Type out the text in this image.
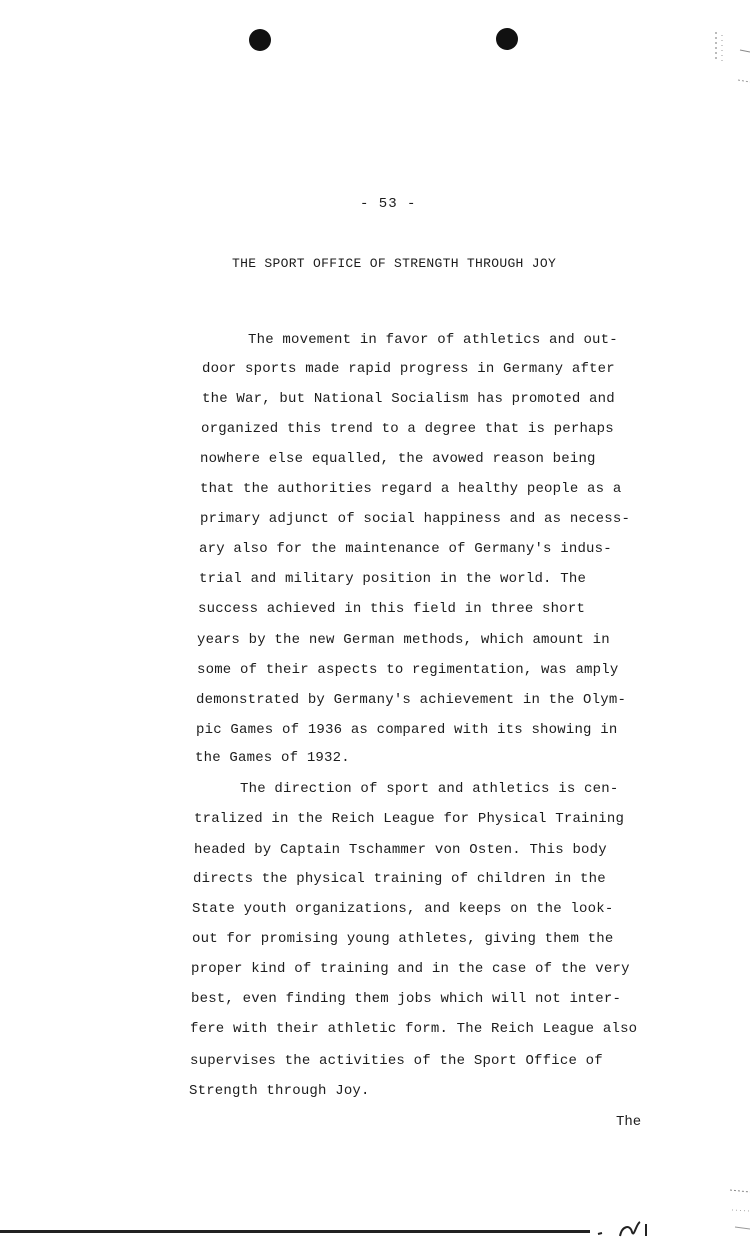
- 53 -
THE SPORT OFFICE OF STRENGTH THROUGH JOY
The movement in favor of athletics and out-
door sports made rapid progress in Germany after
the War, but National Socialism has promoted and
organized this trend to a degree that is perhaps
nowhere else equalled, the avowed reason being
that the authorities regard a healthy people as a
primary adjunct of social happiness and as necess-
ary also for the maintenance of Germany's indus-
trial and military position in the world. The
success achieved in this field in three short
years by the new German methods, which amount in
some of their aspects to regimentation, was amply
demonstrated by Germany's achievement in the Olym-
pic Games of 1936 as compared with its showing in
the Games of 1932.
The direction of sport and athletics is cen-
tralized in the Reich League for Physical Training
headed by Captain Tschammer von Osten. This body
directs the physical training of children in the
State youth organizations, and keeps on the look-
out for promising young athletes, giving them the
proper kind of training and in the case of the very
best, even finding them jobs which will not inter-
fere with their athletic form. The Reich League also
supervises the activities of the Sport Office of
Strength through Joy.
The
